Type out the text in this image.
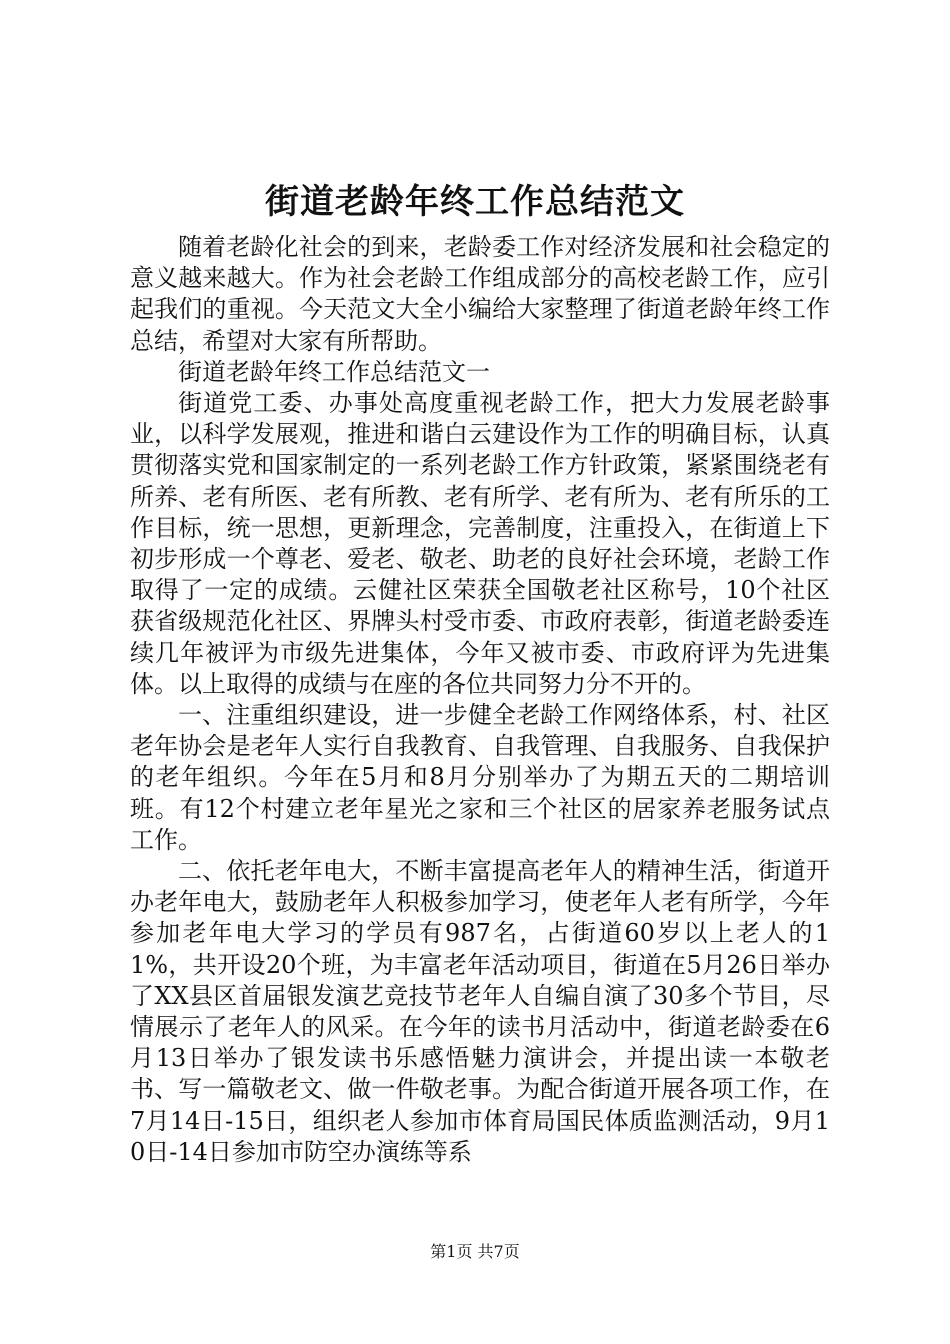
街道老龄年终工作总结范文

随着老龄化社会的到来，老龄委工作对经济发展和社会稳定的意义越来越大。作为社会老龄工作组成部分的高校老龄工作，应引起我们的重视。今天范文大全小编给大家整理了街道老龄年终工作总结，希望对大家有所帮助。

街道老龄年终工作总结范文一

街道党工委、办事处高度重视老龄工作，把大力发展老龄事业，以科学发展观，推进和谐白云建设作为工作的明确目标，认真贯彻落实党和国家制定的一系列老龄工作方针政策，紧紧围绕老有所养、老有所医、老有所教、老有所学、老有所为、老有所乐的工作目标，统一思想，更新理念，完善制度，注重投入，在街道上下初步形成一个尊老、爱老、敬老、助老的良好社会环境，老龄工作取得了一定的成绩。云健社区荣获全国敬老社区称号，10个社区获省级规范化社区、界牌头村受市委、市政府表彰，街道老龄委连续几年被评为市级先进集体，今年又被市委、市政府评为先进集体。以上取得的成绩与在座的各位共同努力分不开的。

一、注重组织建设，进一步健全老龄工作网络体系，村、社区老年协会是老年人实行自我教育、自我管理、自我服务、自我保护的老年组织。今年在5月和8月分别举办了为期五天的二期培训班。有12个村建立老年星光之家和三个社区的居家养老服务试点工作。

二、依托老年电大，不断丰富提高老年人的精神生活，街道开办老年电大，鼓励老年人积极参加学习，使老年人老有所学，今年参加老年电大学习的学员有987名，占街道60岁以上老人的11%，共开设20个班，为丰富老年活动项目，街道在5月26日举办了XX县区首届银发演艺竞技节老年人自编自演了30多个节目，尽情展示了老年人的风采。在今年的读书月活动中，街道老龄委在6月13日举办了银发读书乐感悟魅力演讲会，并提出读一本敬老书、写一篇敬老文、做一件敬老事。为配合街道开展各项工作，在7月14日-15日，组织老人参加市体育局国民体质监测活动，9月10日-14日参加市防空办演练等系

第1页 共7页
